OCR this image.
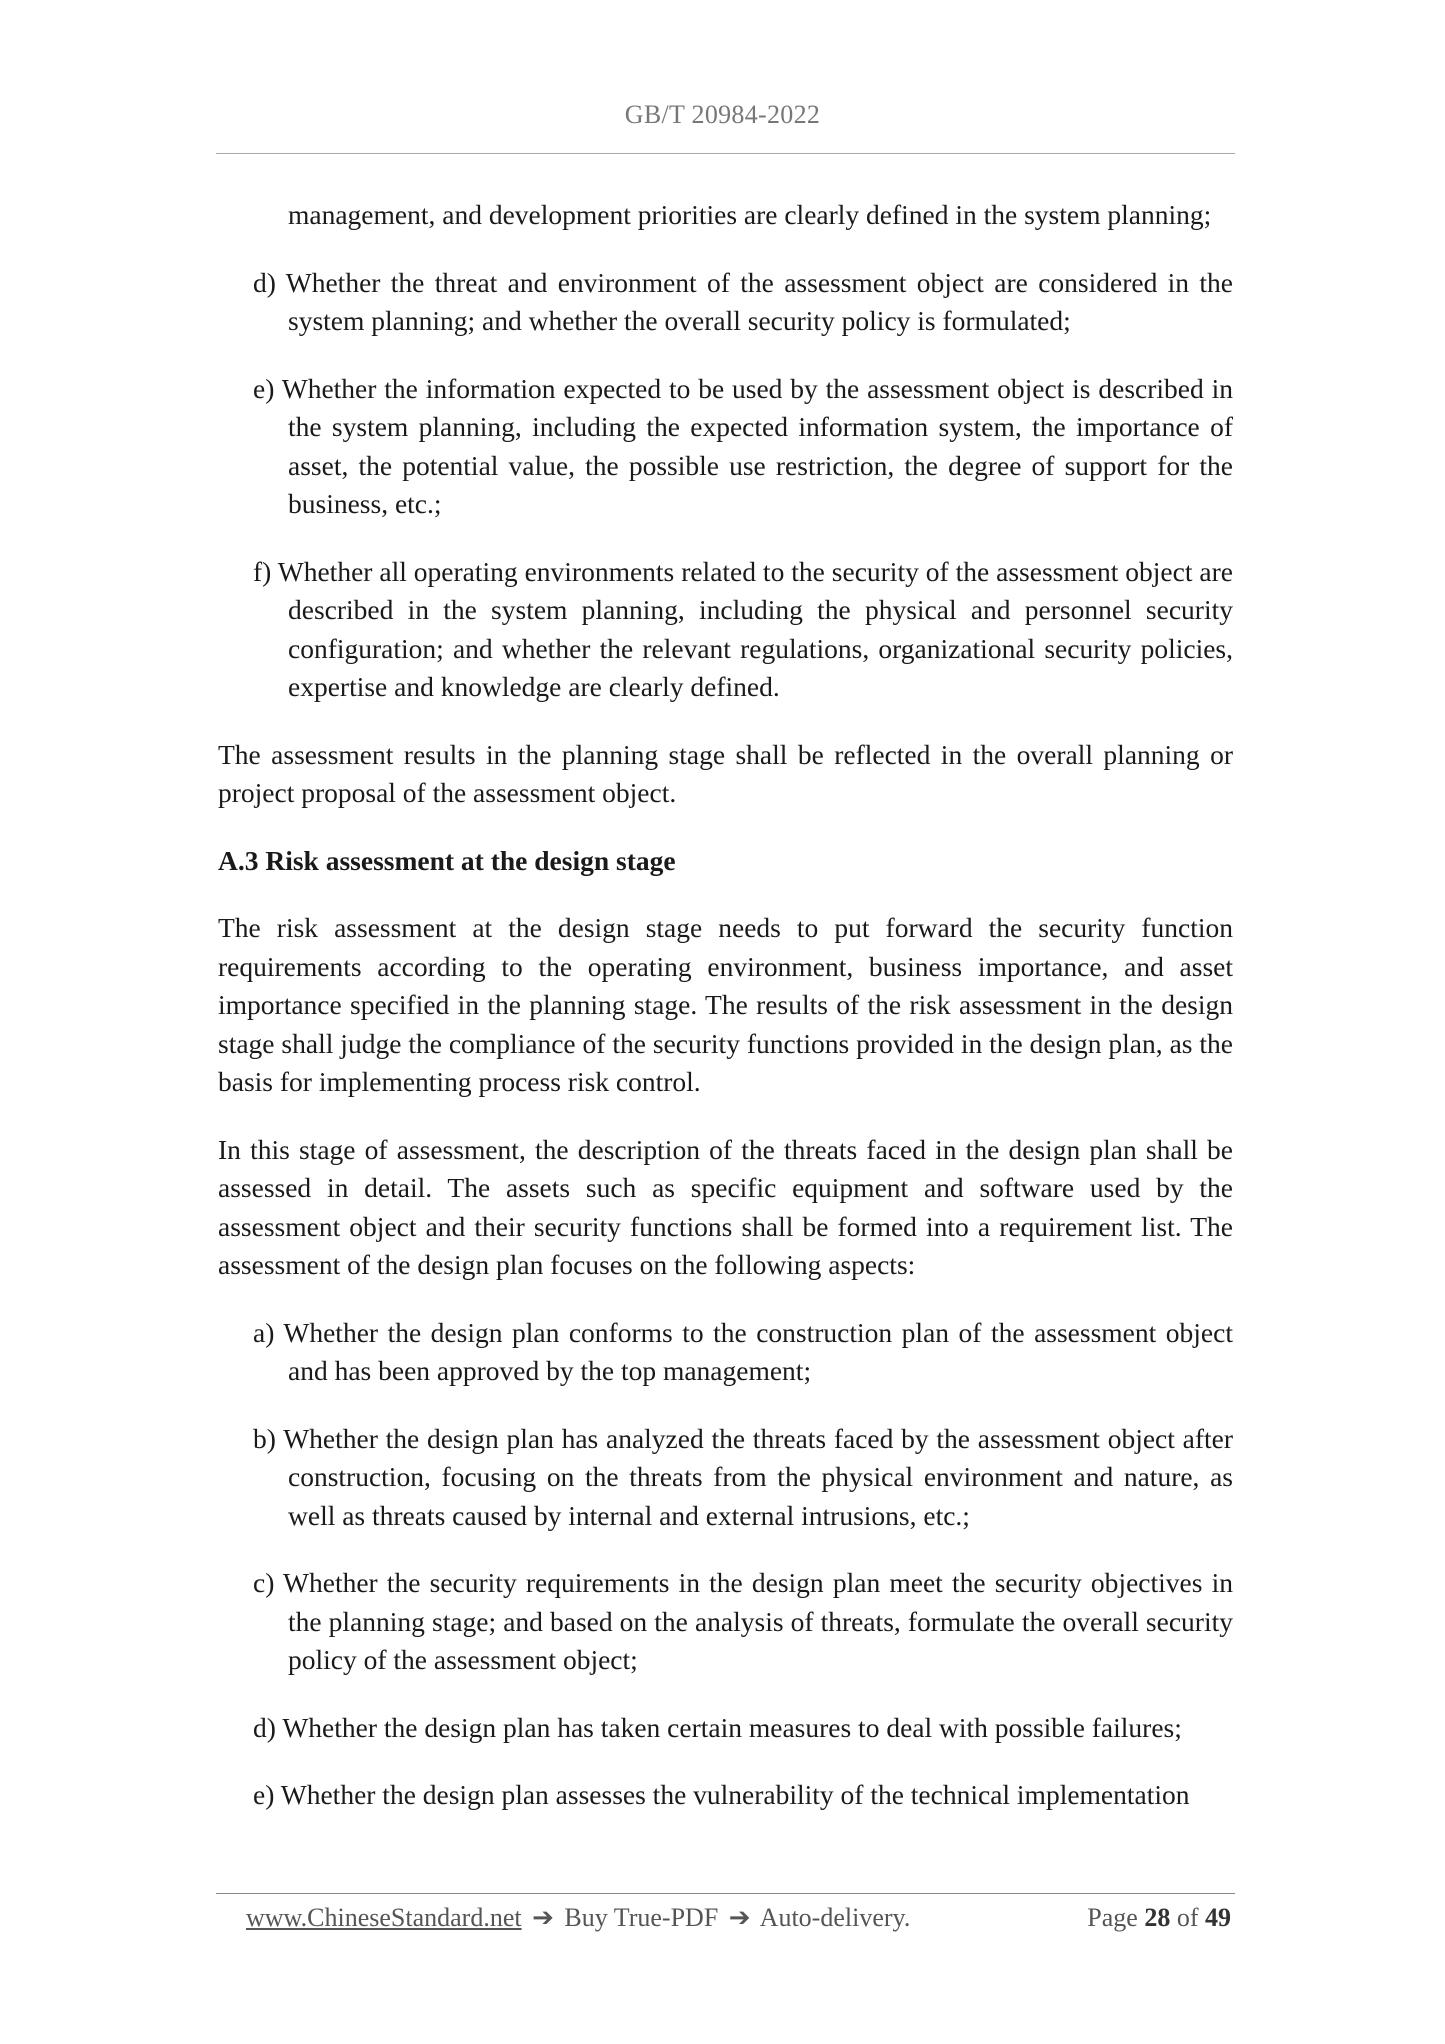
GB/T 20984-2022

management, and development priorities are clearly defined in the system planning;

d) Whether the threat and environment of the assessment object are considered in the system planning; and whether the overall security policy is formulated;

e) Whether the information expected to be used by the assessment object is described in the system planning, including the expected information system, the importance of asset, the potential value, the possible use restriction, the degree of support for the business, etc.;

f) Whether all operating environments related to the security of the assessment object are described in the system planning, including the physical and personnel security configuration; and whether the relevant regulations, organizational security policies, expertise and knowledge are clearly defined.

The assessment results in the planning stage shall be reflected in the overall planning or project proposal of the assessment object.

A.3 Risk assessment at the design stage

The risk assessment at the design stage needs to put forward the security function requirements according to the operating environment, business importance, and asset importance specified in the planning stage. The results of the risk assessment in the design stage shall judge the compliance of the security functions provided in the design plan, as the basis for implementing process risk control.

In this stage of assessment, the description of the threats faced in the design plan shall be assessed in detail. The assets such as specific equipment and software used by the assessment object and their security functions shall be formed into a requirement list. The assessment of the design plan focuses on the following aspects:

a) Whether the design plan conforms to the construction plan of the assessment object and has been approved by the top management;

b) Whether the design plan has analyzed the threats faced by the assessment object after construction, focusing on the threats from the physical environment and nature, as well as threats caused by internal and external intrusions, etc.;

c) Whether the security requirements in the design plan meet the security objectives in the planning stage; and based on the analysis of threats, formulate the overall security policy of the assessment object;

d) Whether the design plan has taken certain measures to deal with possible failures;

e) Whether the design plan assesses the vulnerability of the technical implementation

www.ChineseStandard.net ➔ Buy True-PDF ➔ Auto-delivery.	Page 28 of 49
